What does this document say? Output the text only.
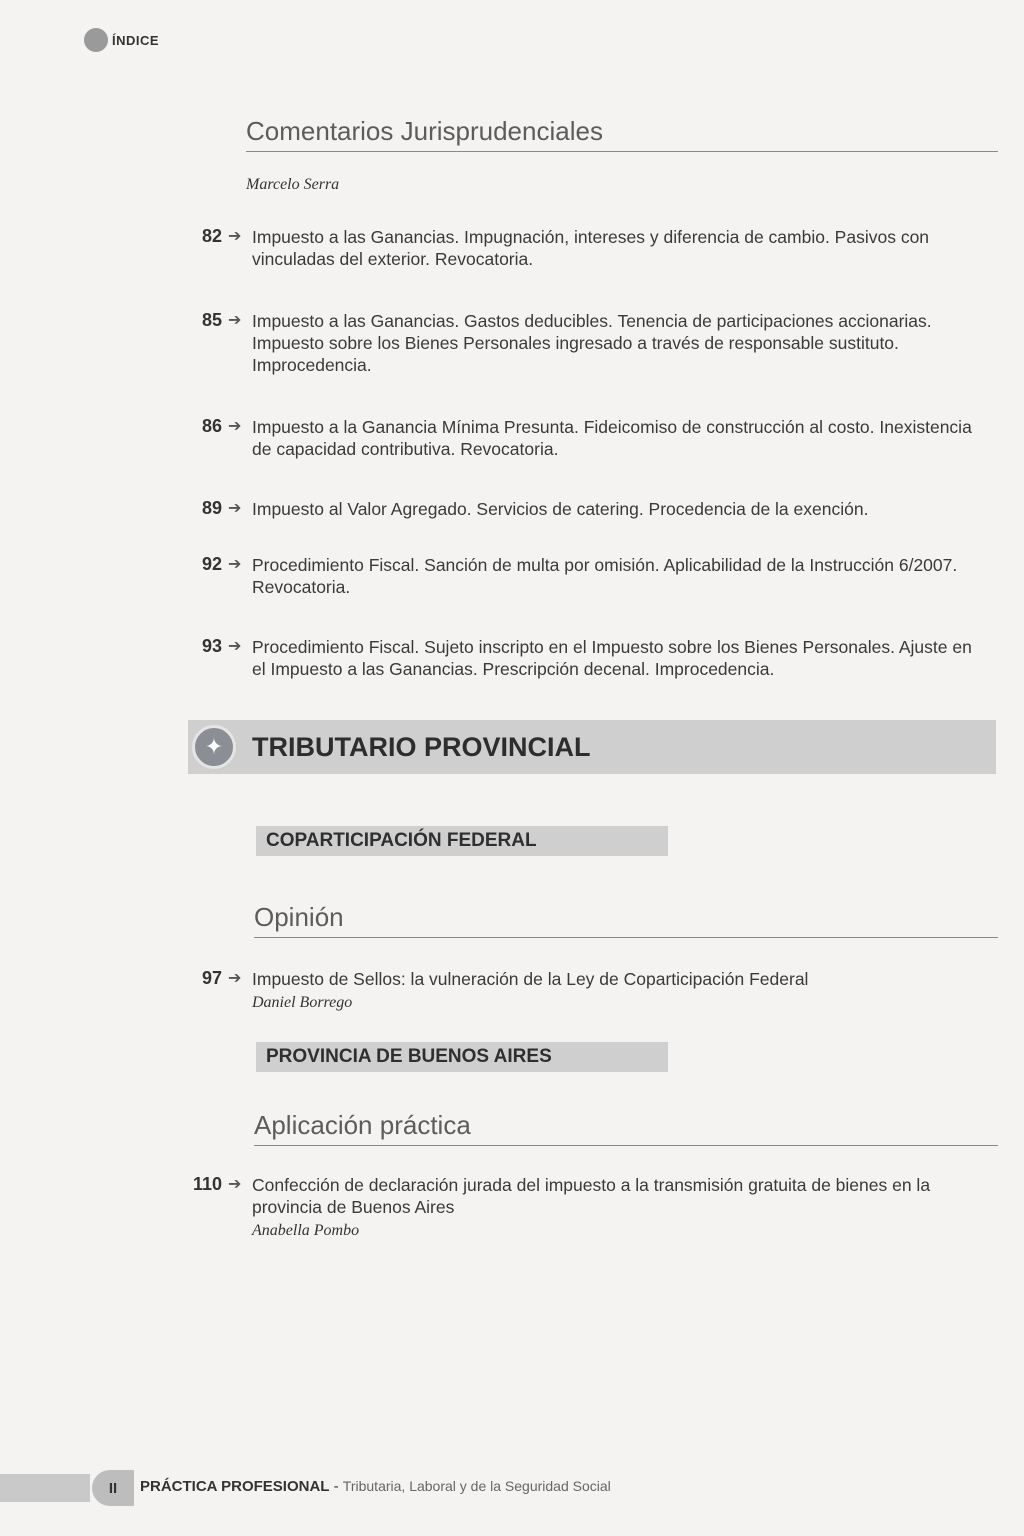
ÍNDICE
Comentarios Jurisprudenciales
Marcelo Serra
82 ➔ Impuesto a las Ganancias. Impugnación, intereses y diferencia de cambio. Pasivos con vinculadas del exterior. Revocatoria.
85 ➔ Impuesto a las Ganancias. Gastos deducibles. Tenencia de participaciones accionarias. Impuesto sobre los Bienes Personales ingresado a través de responsable sustituto. Improcedencia.
86 ➔ Impuesto a la Ganancia Mínima Presunta. Fideicomiso de construcción al costo. Inexistencia de capacidad contributiva. Revocatoria.
89 ➔ Impuesto al Valor Agregado. Servicios de catering. Procedencia de la exención.
92 ➔ Procedimiento Fiscal. Sanción de multa por omisión. Aplicabilidad de la Instrucción 6/2007. Revocatoria.
93 ➔ Procedimiento Fiscal. Sujeto inscripto en el Impuesto sobre los Bienes Personales. Ajuste en el Impuesto a las Ganancias. Prescripción decenal. Improcedencia.
✦	TRIBUTARIO PROVINCIAL
COPARTICIPACIÓN FEDERAL
Opinión
97 ➔ Impuesto de Sellos: la vulneración de la Ley de Coparticipación Federal
Daniel Borrego
PROVINCIA DE BUENOS AIRES
Aplicación práctica
110 ➔ Confección de declaración jurada del impuesto a la transmisión gratuita de bienes en la provincia de Buenos Aires
Anabella Pombo
II	PRÁCTICA PROFESIONAL - Tributaria, Laboral y de la Seguridad Social
